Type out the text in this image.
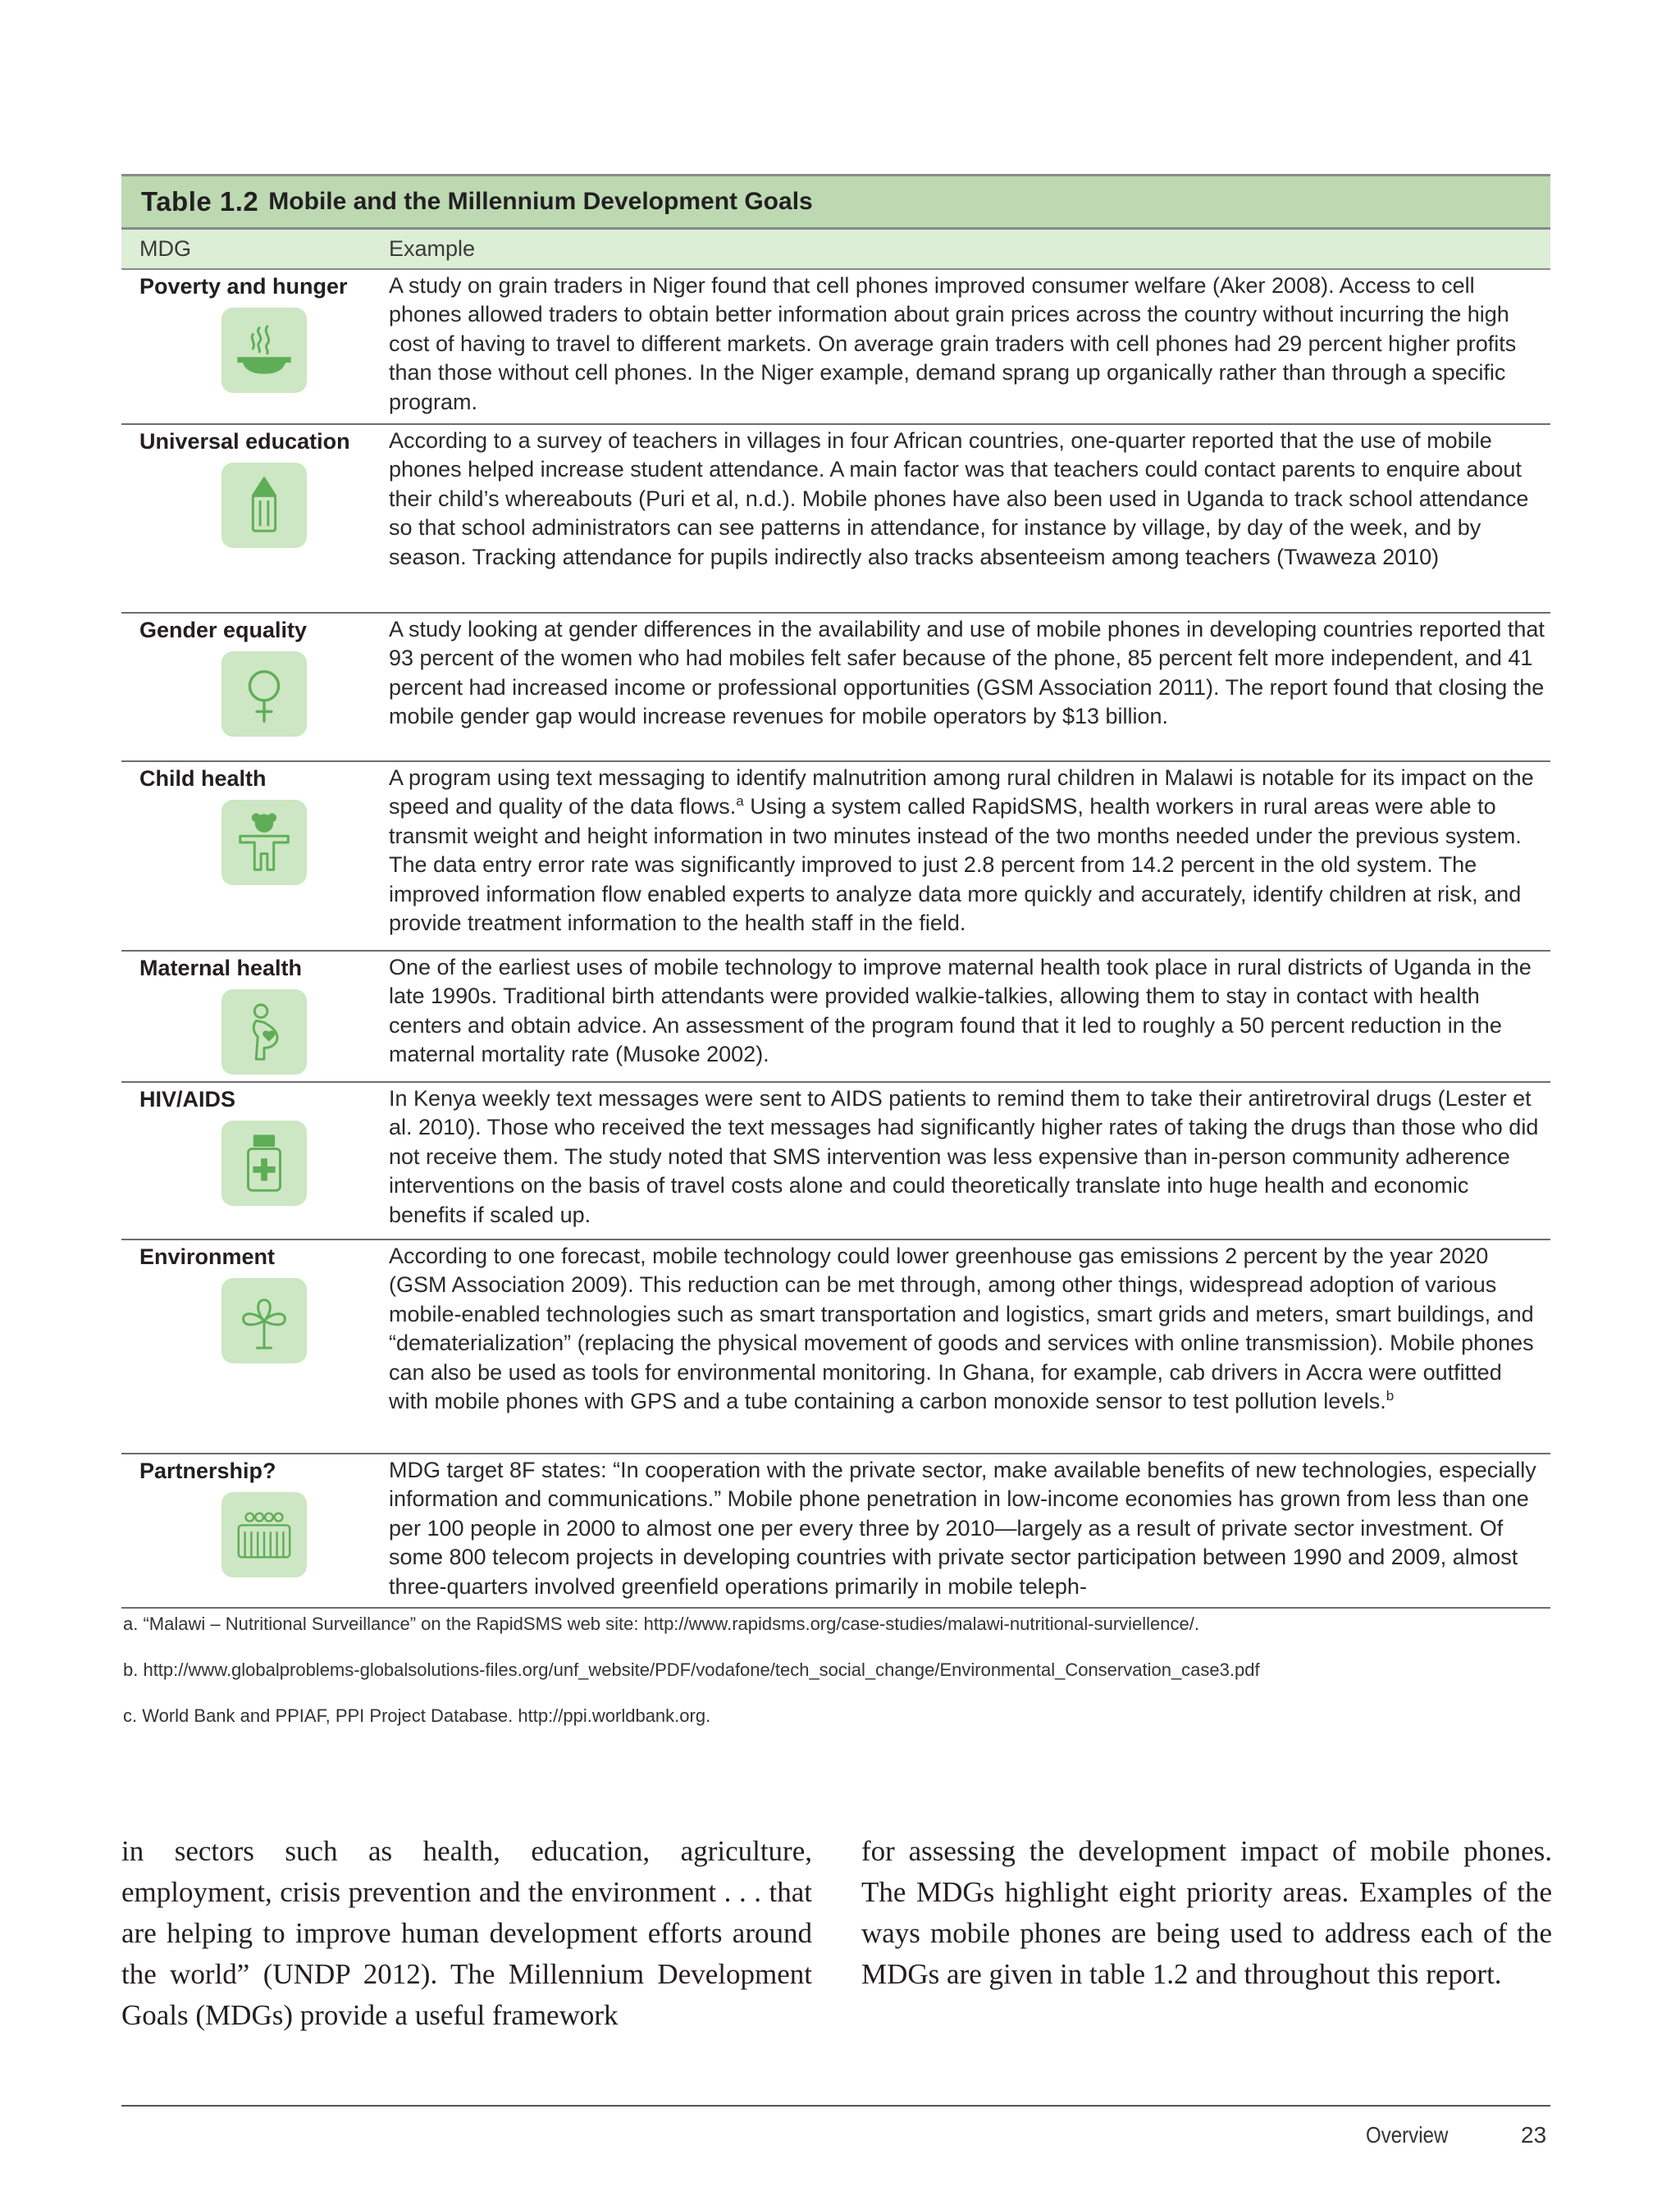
Table 1.2 Mobile and the Millennium Development Goals
MDG	Example
Poverty and hunger	A study on grain traders in Niger found that cell phones improved consumer welfare (Aker 2008). Access to cell phones allowed traders to obtain better information about grain prices across the country without incurring the high cost of having to travel to different markets. On average grain traders with cell phones had 29 percent higher profits than those without cell phones. In the Niger example, demand sprang up organically rather than through a specific program.
Universal education	According to a survey of teachers in villages in four African countries, one-quarter reported that the use of mobile phones helped increase student attendance. A main factor was that teachers could contact parents to enquire about their child’s whereabouts (Puri et al, n.d.). Mobile phones have also been used in Uganda to track school attendance so that school administrators can see patterns in attendance, for instance by village, by day of the week, and by season. Tracking attendance for pupils indirectly also tracks absenteeism among teachers (Twaweza 2010)
Gender equality	A study looking at gender differences in the availability and use of mobile phones in developing countries reported that 93 percent of the women who had mobiles felt safer because of the phone, 85 percent felt more independent, and 41 percent had increased income or professional opportunities (GSM Association 2011). The report found that closing the mobile gender gap would increase revenues for mobile operators by $13 billion.
Child health	A program using text messaging to identify malnutrition among rural children in Malawi is notable for its impact on the speed and quality of the data flows.$^a$ Using a system called RapidSMS, health workers in rural areas were able to transmit weight and height information in two minutes instead of the two months needed under the previous system. The data entry error rate was significantly improved to just 2.8 percent from 14.2 percent in the old system. The improved information flow enabled experts to analyze data more quickly and accurately, identify children at risk, and provide treatment information to the health staff in the field.
Maternal health	One of the earliest uses of mobile technology to improve maternal health took place in rural districts of Uganda in the late 1990s. Traditional birth attendants were provided walkie-talkies, allowing them to stay in contact with health centers and obtain advice. An assessment of the program found that it led to roughly a 50 percent reduction in the maternal mortality rate (Musoke 2002).
HIV/AIDS	In Kenya weekly text messages were sent to AIDS patients to remind them to take their antiretroviral drugs (Lester et al. 2010). Those who received the text messages had significantly higher rates of taking the drugs than those who did not receive them. The study noted that SMS intervention was less expensive than in-person community adherence interventions on the basis of travel costs alone and could theoretically translate into huge health and economic benefits if scaled up.
Environment	According to one forecast, mobile technology could lower greenhouse gas emissions 2 percent by the year 2020 (GSM Association 2009). This reduction can be met through, among other things, widespread adoption of various mobile-enabled technologies such as smart transportation and logistics, smart grids and meters, smart buildings, and “dematerialization” (replacing the physical movement of goods and services with online transmission). Mobile phones can also be used as tools for environmental monitoring. In Ghana, for example, cab drivers in Accra were outfitted with mobile phones with GPS and a tube containing a carbon monoxide sensor to test pollution levels.$^b$
Partnership?	MDG target 8F states: “In cooperation with the private sector, make available benefits of new technologies, especially information and communications.” Mobile phone penetration in low-income economies has grown from less than one per 100 people in 2000 to almost one per every three by 2010—largely as a result of private sector investment. Of some 800 telecom projects in developing countries with private sector participation between 1990 and 2009, almost three-quarters involved greenfield operations primarily in mobile teleph-
a. “Malawi – Nutritional Surveillance” on the RapidSMS web site: http://www.rapidsms.org/case-studies/malawi-nutritional-surviellence/.
b. http://www.globalproblems-globalsolutions-files.org/unf_website/PDF/vodafone/tech_social_change/Environmental_Conservation_case3.pdf
c. World Bank and PPIAF, PPI Project Database. http://ppi.worldbank.org.
in sectors such as health, education, agriculture, employment, crisis prevention and the environment . . . that are helping to improve human development efforts around the world” (UNDP 2012). The Millennium Development Goals (MDGs) provide a useful framework
for assessing the development impact of mobile phones. The MDGs highlight eight priority areas. Examples of the ways mobile phones are being used to address each of the MDGs are given in table 1.2 and throughout this report.
Overview	23
